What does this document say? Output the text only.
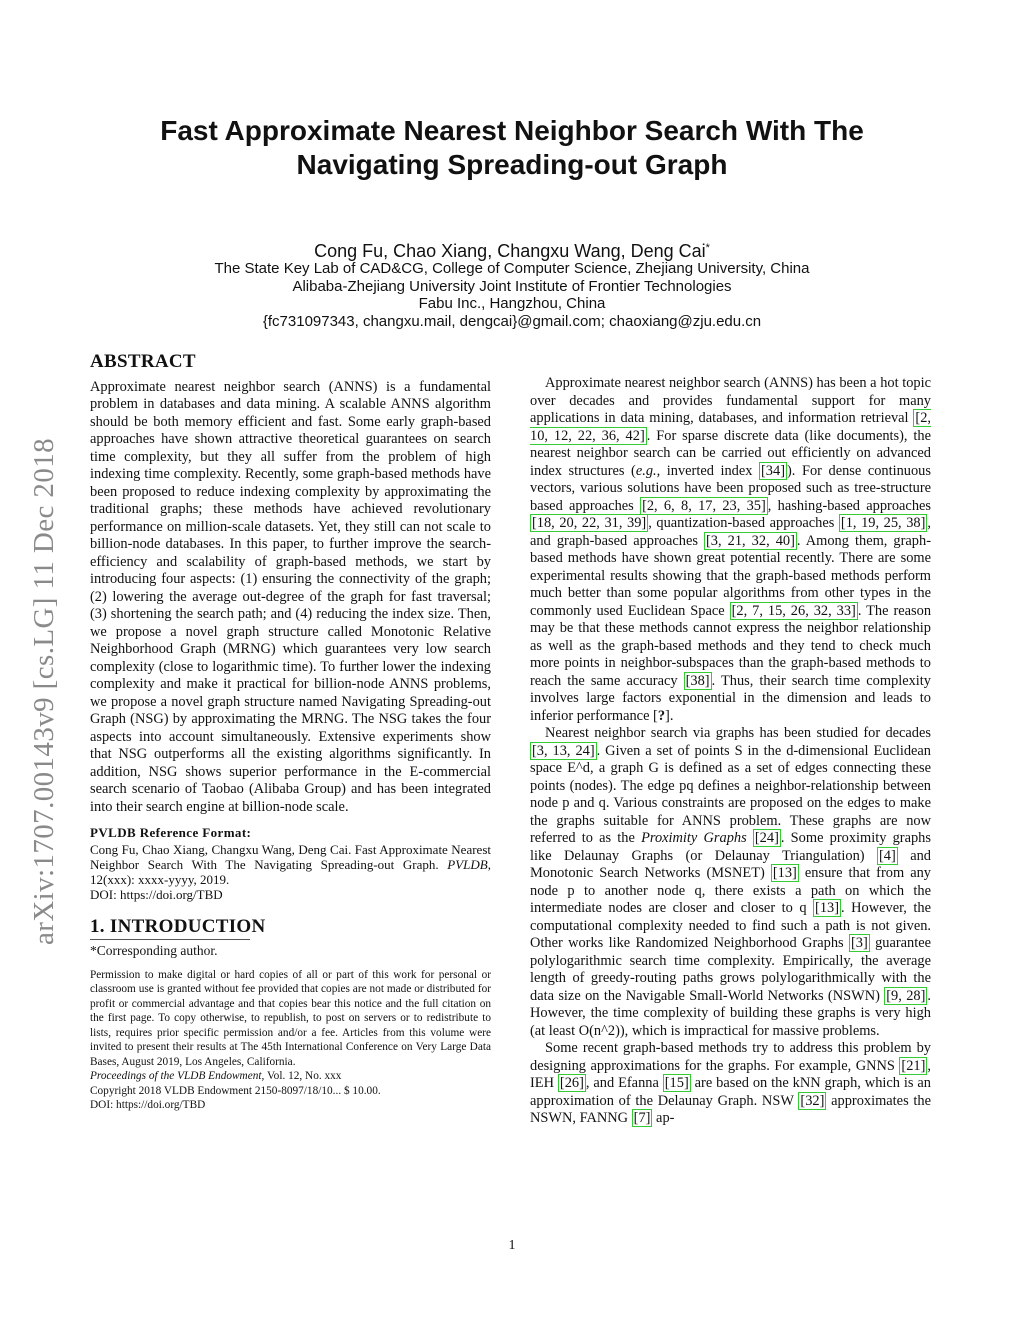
arXiv:1707.00143v9 [cs.LG] 11 Dec 2018
Fast Approximate Nearest Neighbor Search With The
Navigating Spreading-out Graph
Cong Fu, Chao Xiang, Changxu Wang, Deng Cai*
The State Key Lab of CAD&CG, College of Computer Science, Zhejiang University, China
Alibaba-Zhejiang University Joint Institute of Frontier Technologies
Fabu Inc., Hangzhou, China
{fc731097343, changxu.mail, dengcai}@gmail.com; chaoxiang@zju.edu.cn
ABSTRACT

Approximate nearest neighbor search (ANNS) is a fundamental problem in databases and data mining. A scalable ANNS algorithm should be both memory efficient and fast. Some early graph-based approaches have shown attractive theoretical guarantees on search time complexity, but they all suffer from the problem of high indexing time complexity. Recently, some graph-based methods have been proposed to reduce indexing complexity by approximating the traditional graphs; these methods have achieved revolutionary performance on million-scale datasets. Yet, they still can not scale to billion-node databases. In this paper, to further improve the search-efficiency and scalability of graph-based methods, we start by introducing four aspects: (1) ensuring the connectivity of the graph; (2) lowering the average out-degree of the graph for fast traversal; (3) shortening the search path; and (4) reducing the index size. Then, we propose a novel graph structure called Monotonic Relative Neighborhood Graph (MRNG) which guarantees very low search complexity (close to logarithmic time). To further lower the indexing complexity and make it practical for billion-node ANNS problems, we propose a novel graph structure named Navigating Spreading-out Graph (NSG) by approximating the MRNG. The NSG takes the four aspects into account simultaneously. Extensive experiments show that NSG outperforms all the existing algorithms significantly. In addition, NSG shows superior performance in the E-commercial search scenario of Taobao (Alibaba Group) and has been integrated into their search engine at billion-node scale.

PVLDB Reference Format:
Cong Fu, Chao Xiang, Changxu Wang, Deng Cai. Fast Approximate Nearest Neighbor Search With The Navigating Spreading-out Graph. PVLDB, 12(xxx): xxxx-yyyy, 2019.
DOI: https://doi.org/TBD
1. INTRODUCTION
*Corresponding author.
Permission to make digital or hard copies of all or part of this work for personal or classroom use is granted without fee provided that copies are not made or distributed for profit or commercial advantage and that copies bear this notice and the full citation on the first page. To copy otherwise, to republish, to post on servers or to redistribute to lists, requires prior specific permission and/or a fee. Articles from this volume were invited to present their results at The 45th International Conference on Very Large Data Bases, August 2019, Los Angeles, California.
Proceedings of the VLDB Endowment, Vol. 12, No. xxx
Copyright 2018 VLDB Endowment 2150-8097/18/10... $ 10.00.
DOI: https://doi.org/TBD

Approximate nearest neighbor search (ANNS) has been a hot topic over decades and provides fundamental support for many applications in data mining, databases, and information retrieval [2, 10, 12, 22, 36, 42] . For sparse discrete data (like documents), the nearest neighbor search can be carried out efficiently on advanced index structures (e.g., inverted index [34] ). For dense continuous vectors, various solutions have been proposed such as tree-structure based approaches [2, 6, 8, 17, 23, 35] , hashing-based approaches [18, 20, 22, 31, 39] , quantization-based approaches [1, 19, 25, 38] , and graph-based approaches [3, 21, 32, 40] . Among them, graph-based methods have shown great potential recently. There are some experimental results showing that the graph-based methods perform much better than some popular algorithms from other types in the commonly used Euclidean Space [2, 7, 15, 26, 32, 33] . The reason may be that these methods cannot express the neighbor relationship as well as the graph-based methods and they tend to check much more points in neighbor-subspaces than the graph-based methods to reach the same accuracy [38] . Thus, their search time complexity involves large factors exponential in the dimension and leads to inferior performance [?].

Nearest neighbor search via graphs has been studied for decades [3, 13, 24] . Given a set of points S in the d-dimensional Euclidean space E^d, a graph G is defined as a set of edges connecting these points (nodes). The edge pq defines a neighbor-relationship between node p and q. Various constraints are proposed on the edges to make the graphs suitable for ANNS problem. These graphs are now referred to as the Proximity Graphs [24] . Some proximity graphs like Delaunay Graphs (or Delaunay Triangulation) [4] and Monotonic Search Networks (MSNET) [13] ensure that from any node p to another node q, there exists a path on which the intermediate nodes are closer and closer to q [13] . However, the computational complexity needed to find such a path is not given. Other works like Randomized Neighborhood Graphs [3] guarantee polylogarithmic search time complexity. Empirically, the average length of greedy-routing paths grows polylogarithmically with the data size on the Navigable Small-World Networks (NSWN) [9, 28] . However, the time complexity of building these graphs is very high (at least O(n^2)), which is impractical for massive problems.

Some recent graph-based methods try to address this problem by designing approximations for the graphs. For example, GNNS [21] , IEH [26] , and Efanna [15] are based on the kNN graph, which is an approximation of the Delaunay Graph. NSW [32] approximates the NSWN, FANNG [7] ap-

1
